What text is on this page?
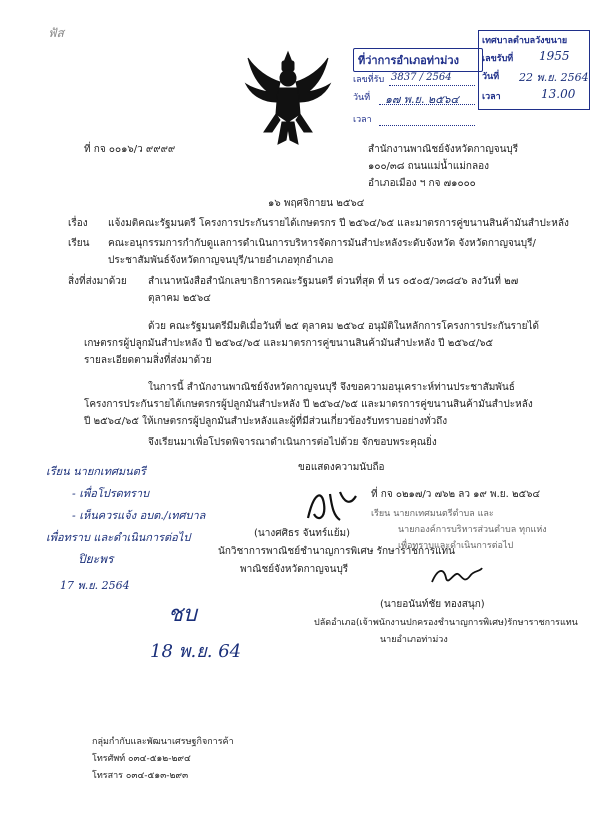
ฟัส
ที่ว่าการอำเภอท่าม่วง
เลขที่รับ 3837 / 2564
วันที่ ๑๗ พ.ย. ๒๕๖๔
เวลา
เทศบาลตำบลวังขนาย
เลขรับที่ 1955
วันที่ 22 พ.ย. 2564
เวลา	13.00
ที่ กจ ๐๐๑๖/ว ๙๙๙๙	สำนักงานพาณิชย์จังหวัดกาญจนบุรี
๑๐๐/๓๘ ถนนแม่น้ำแม่กลอง
อำเภอเมือง ฯ กจ ๗๑๐๐๐
๑๖ พฤศจิกายน ๒๕๖๔
เรื่อง แจ้งมติคณะรัฐมนตรี โครงการประกันรายได้เกษตรกร ปี ๒๕๖๔/๖๕ และมาตรการคู่ขนานสินค้ามันสำปะหลัง
เรียน คณะอนุกรรมการกำกับดูแลการดำเนินการบริหารจัดการมันสำปะหลังระดับจังหวัด จังหวัดกาญจนบุรี/
ประชาสัมพันธ์จังหวัดกาญจนบุรี/นายอำเภอทุกอำเภอ
สิ่งที่ส่งมาด้วย สำเนาหนังสือสำนักเลขาธิการคณะรัฐมนตรี ด่วนที่สุด ที่ นร ๐๕๐๕/ว๓๘๔๖ ลงวันที่ ๒๗
ตุลาคม ๒๕๖๔
ด้วย คณะรัฐมนตรีมีมติเมื่อวันที่ ๒๕ ตุลาคม ๒๕๖๔ อนุมัติในหลักการโครงการประกันรายได้
เกษตรกรผู้ปลูกมันสำปะหลัง ปี ๒๕๖๔/๖๕ และมาตรการคู่ขนานสินค้ามันสำปะหลัง ปี ๒๕๖๔/๖๕
รายละเอียดตามสิ่งที่ส่งมาด้วย
ในการนี้ สำนักงานพาณิชย์จังหวัดกาญจนบุรี จึงขอความอนุเคราะห์ท่านประชาสัมพันธ์
โครงการประกันรายได้เกษตรกรผู้ปลูกมันสำปะหลัง ปี ๒๕๖๔/๖๕ และมาตรการคู่ขนานสินค้ามันสำปะหลัง
ปี ๒๕๖๔/๖๕ ให้เกษตรกรผู้ปลูกมันสำปะหลังและผู้ที่มีส่วนเกี่ยวข้องรับทราบอย่างทั่วถึง
จึงเรียนมาเพื่อโปรดพิจารณาดำเนินการต่อไปด้วย จักขอบพระคุณยิ่ง
ขอแสดงความนับถือ
เรียน นายกเทศมนตรี
- เพื่อโปรดทราบ
- เห็นควรแจ้ง อบต./เทศบาล
เพื่อทราบ และดำเนินการต่อไป
ปิยะพร
17 พ.ย. 2564
ชบ
18 พ.ย. 64
(นางศศิธร จันทร์แย้ม)
นักวิชาการพาณิชย์ชำนาญการพิเศษ รักษาราชการแทน
พาณิชย์จังหวัดกาญจนบุรี
ที่ กจ ๐๒๑๗/ว ๗๖๒ ลว ๑๙ พ.ย. ๒๕๖๔
เรียน นายกเทศมนตรีตำบล และ
นายกองค์การบริหารส่วนตำบล ทุกแห่ง
เพื่อทราบและดำเนินการต่อไป
(นายอนันท์ชัย ทองสนุก)
ปลัดอำเภอ(เจ้าพนักงานปกครองชำนาญการพิเศษ)รักษาราชการแทน
นายอำเภอท่าม่วง
กลุ่มกำกับและพัฒนาเศรษฐกิจการค้า
โทรศัพท์ ๐๓๔-๕๑๒-๒๙๔
โทรสาร ๐๓๔-๕๑๓-๒๙๓
